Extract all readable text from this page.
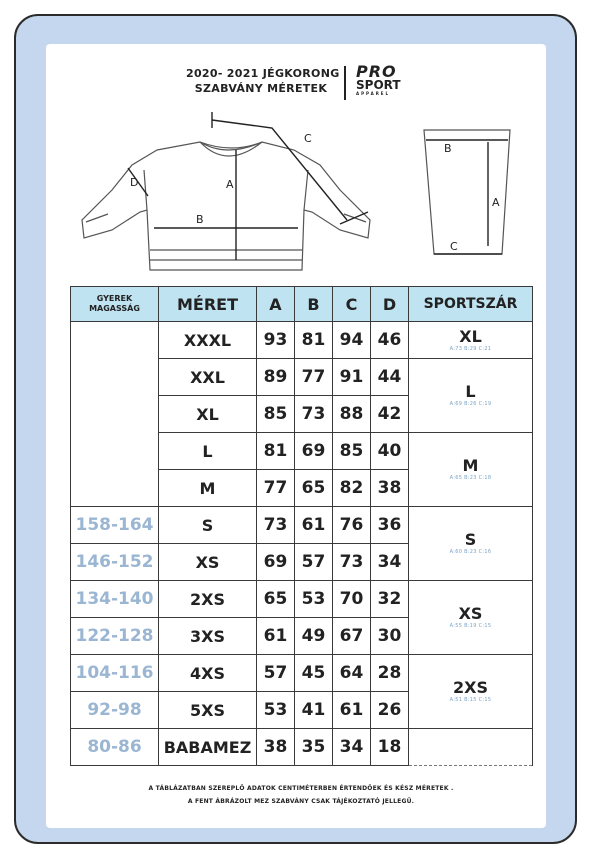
2020- 2021 JÉGKORONG
SZABVÁNY MÉRETEK
PRO
SPORT
APPAREL
A
B
C
D
B
A
C
GYEREK
MAGASSÁG	MÉRET	A	B	C	D	SPORTSZÁR
	XXXL	93	81	94	46	XL
A:73 B:29 C:21

	XXL	89	77	91	44	L
A:69 B:26 C:19

	XL	85	73	88	42	
	L	81	69	85	40	M
A:65 B:23 C:18

	M	77	65	82	38	
158-164	S	73	61	76	36	S
A:60 B:23 C:16

146-152	XS	69	57	73	34	
134-140	2XS	65	53	70	32	XS
A:55 B:19 C:15

122-128	3XS	61	49	67	30	
104-116	4XS	57	45	64	28	2XS
A:51 B:15 C:15

92-98	5XS	53	41	61	26	
80-86	BABAMEZ	38	35	34	18	
A TÁBLÁZATBAN SZEREPLŐ ADATOK CENTIMÉTERBEN ÉRTENDŐEK ÉS KÉSZ MÉRETEK .
A FENT ÁBRÁZOLT MEZ SZABVÁNY CSAK TÁJÉKOZTATÓ JELLEGŰ.
